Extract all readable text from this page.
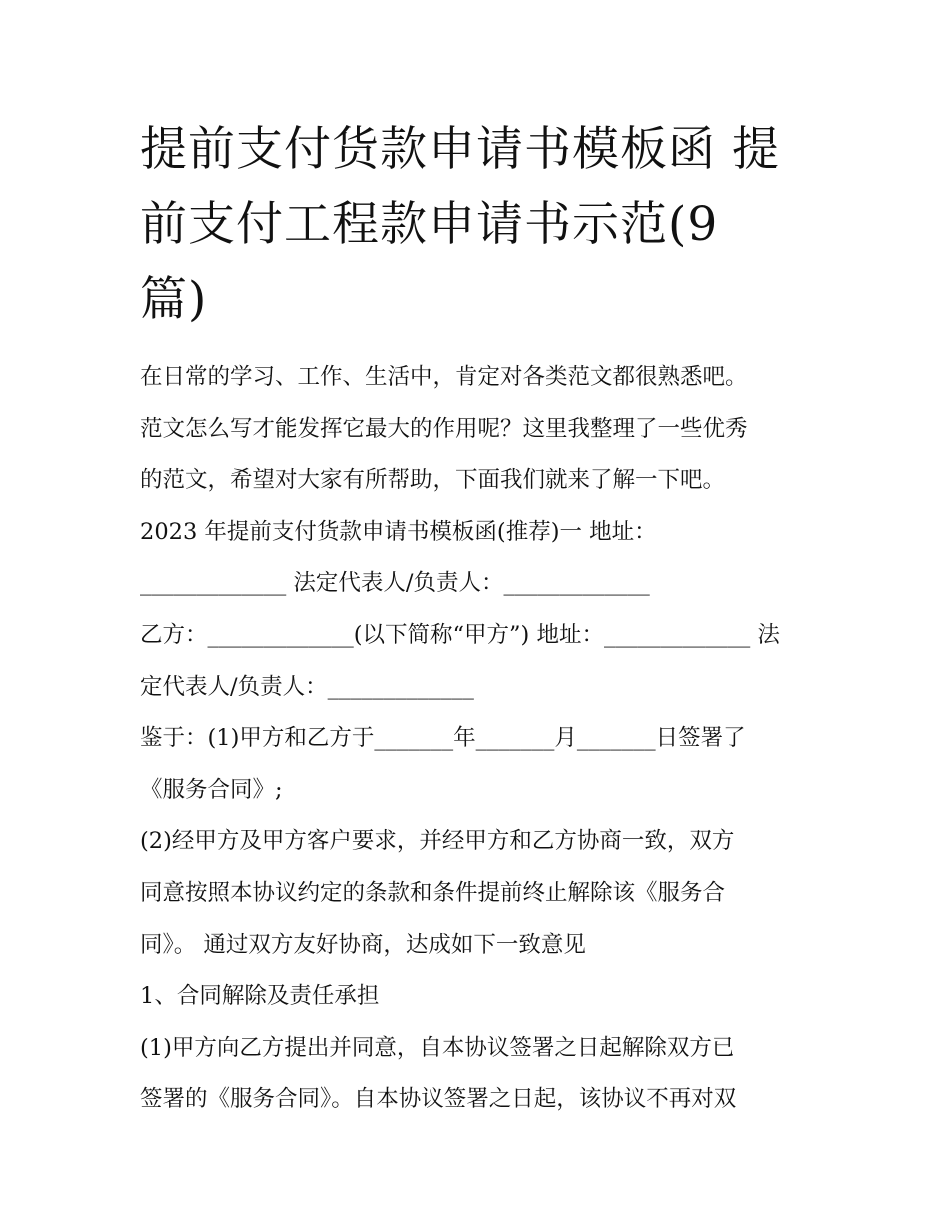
提前支付货款申请书模板函 提
前支付工程款申请书示范(9
篇)
在日常的学习、工作、生活中，肯定对各类范文都很熟悉吧。
范文怎么写才能发挥它最大的作用呢？这里我整理了一些优秀
的范文，希望对大家有所帮助，下面我们就来了解一下吧。
2023 年提前支付货款申请书模板函(推荐)一 地址：
_____________ 法定代表人/负责人：_____________
乙方：_____________(以下简称“甲方”) 地址：_____________ 法
定代表人/负责人：_____________
鉴于：(1)甲方和乙方于_______年_______月_______日签署了
《服务合同》;
(2)经甲方及甲方客户要求，并经甲方和乙方协商一致，双方
同意按照本协议约定的条款和条件提前终止解除该《服务合
同》。 通过双方友好协商，达成如下一致意见
1、合同解除及责任承担
(1)甲方向乙方提出并同意，自本协议签署之日起解除双方已
签署的《服务合同》。自本协议签署之日起，该协议不再对双
